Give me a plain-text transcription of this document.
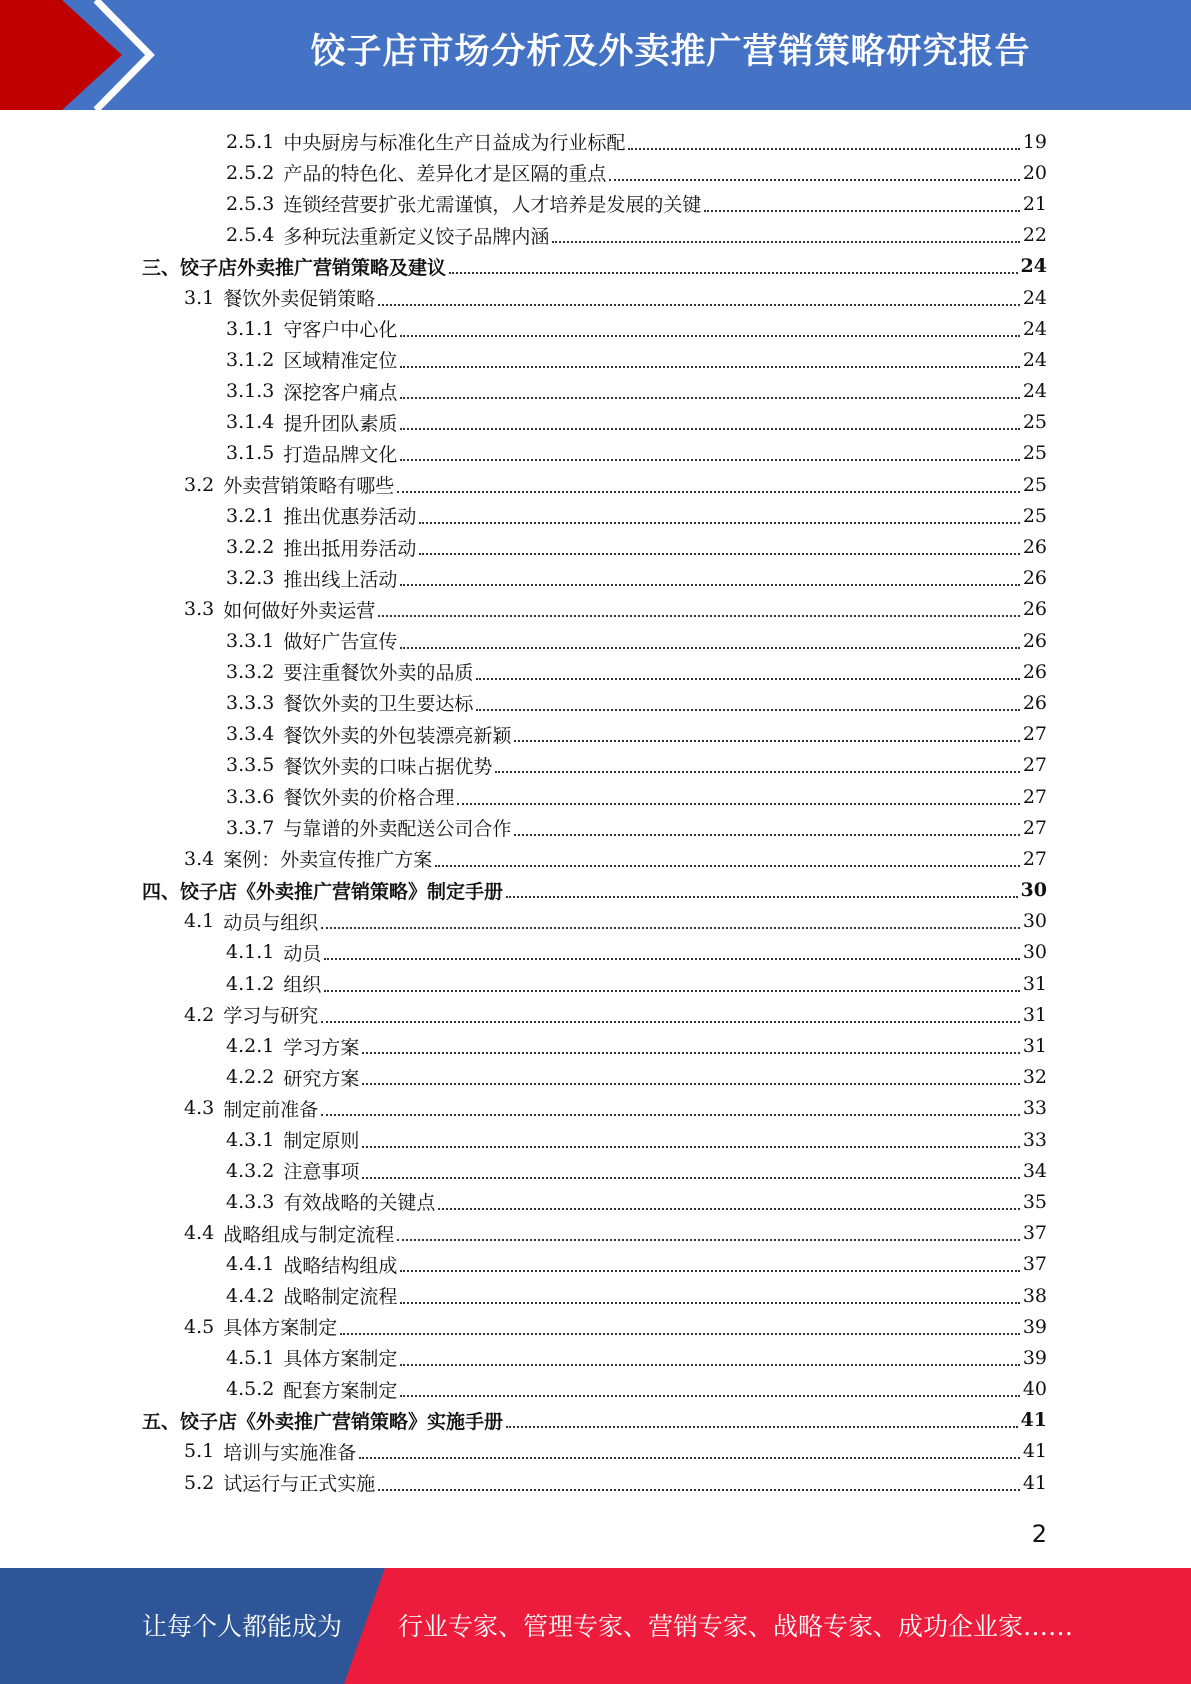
饺子店市场分析及外卖推广营销策略研究报告
2.5.1 中央厨房与标准化生产日益成为行业标配	19
2.5.2 产品的特色化、差异化才是区隔的重点	20
2.5.3 连锁经营要扩张尤需谨慎，人才培养是发展的关键	21
2.5.4 多种玩法重新定义饺子品牌内涵	22
三、饺子店外卖推广营销策略及建议	24
3.1 餐饮外卖促销策略	24
3.1.1 守客户中心化	24
3.1.2 区域精准定位	24
3.1.3 深挖客户痛点	24
3.1.4 提升团队素质	25
3.1.5 打造品牌文化	25
3.2 外卖营销策略有哪些	25
3.2.1 推出优惠券活动	25
3.2.2 推出抵用券活动	26
3.2.3 推出线上活动	26
3.3 如何做好外卖运营	26
3.3.1 做好广告宣传	26
3.3.2 要注重餐饮外卖的品质	26
3.3.3 餐饮外卖的卫生要达标	26
3.3.4 餐饮外卖的外包装漂亮新颖	27
3.3.5 餐饮外卖的口味占据优势	27
3.3.6 餐饮外卖的价格合理	27
3.3.7 与靠谱的外卖配送公司合作	27
3.4 案例：外卖宣传推广方案	27
四、饺子店《外卖推广营销策略》制定手册	30
4.1 动员与组织	30
4.1.1 动员	30
4.1.2 组织	31
4.2 学习与研究	31
4.2.1 学习方案	31
4.2.2 研究方案	32
4.3 制定前准备	33
4.3.1 制定原则	33
4.3.2 注意事项	34
4.3.3 有效战略的关键点	35
4.4 战略组成与制定流程	37
4.4.1 战略结构组成	37
4.4.2 战略制定流程	38
4.5 具体方案制定	39
4.5.1 具体方案制定	39
4.5.2 配套方案制定	40
五、饺子店《外卖推广营销策略》实施手册	41
5.1 培训与实施准备	41
5.2 试运行与正式实施	41
2
让每个人都能成为 行业专家、管理专家、营销专家、战略专家、成功企业家……
